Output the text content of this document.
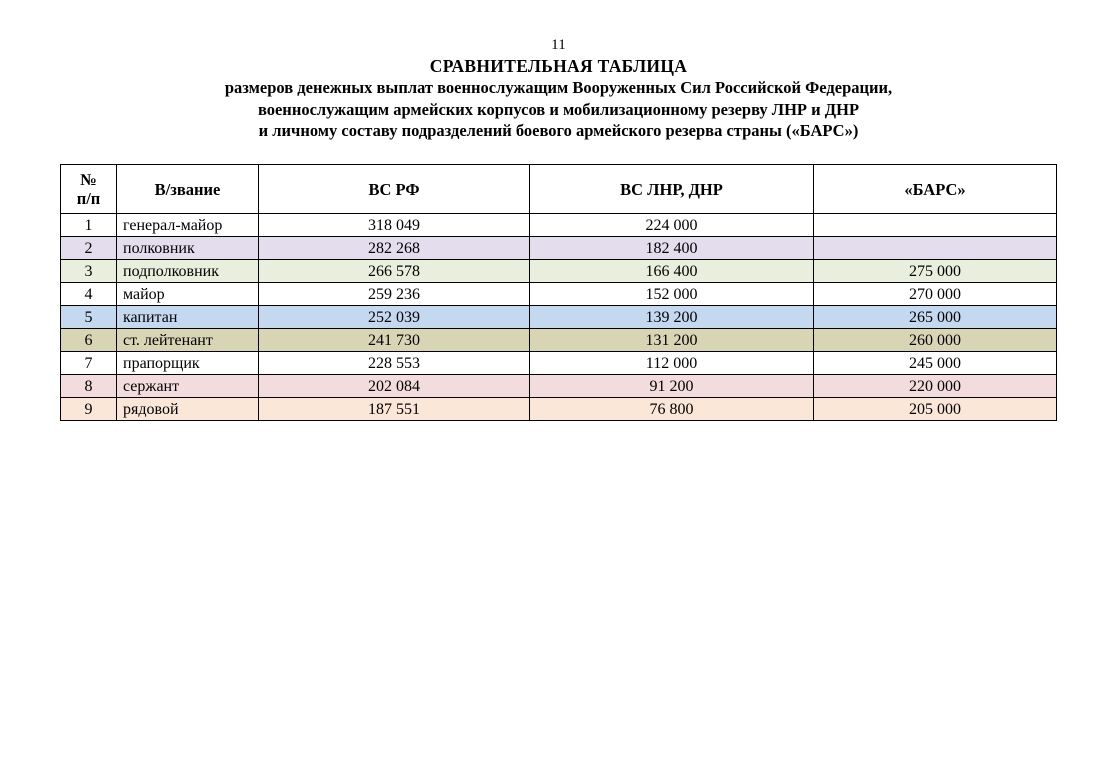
11
СРАВНИТЕЛЬНАЯ ТАБЛИЦА
размеров денежных выплат военнослужащим Вооруженных Сил Российской Федерации,
военнослужащим армейских корпусов и мобилизационному резерву ЛНР и ДНР
и личному составу подразделений боевого армейского резерва страны («БАРС»)
№
п/п	В/звание	ВС РФ	ВС ЛНР, ДНР	«БАРС»
1	генерал-майор	318 049	224 000	
2	полковник	282 268	182 400	
3	подполковник	266 578	166 400	275 000
4	майор	259 236	152 000	270 000
5	капитан	252 039	139 200	265 000
6	ст. лейтенант	241 730	131 200	260 000
7	прапорщик	228 553	112 000	245 000
8	сержант	202 084	91 200	220 000
9	рядовой	187 551	76 800	205 000
